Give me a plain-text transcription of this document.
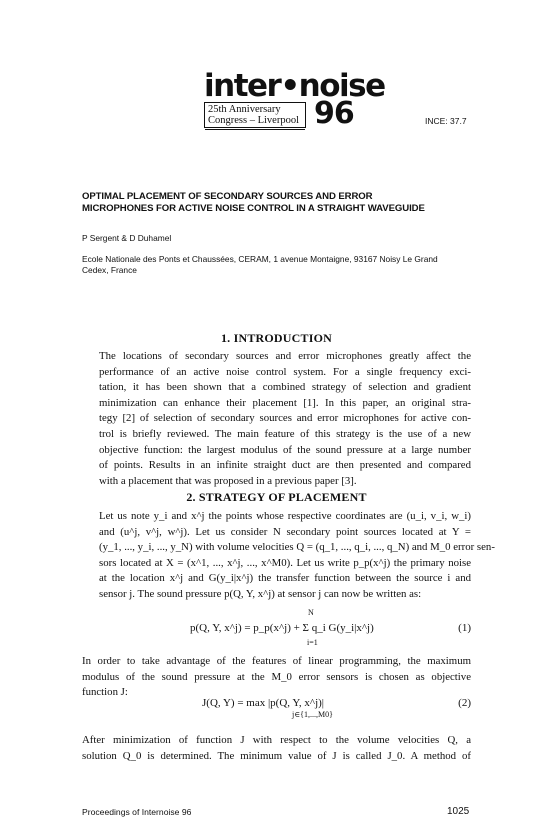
inter•noise
25th Anniversary
Congress – Liverpool 96	INCE: 37.7
OPTIMAL PLACEMENT OF SECONDARY SOURCES AND ERROR
MICROPHONES FOR ACTIVE NOISE CONTROL IN A STRAIGHT WAVEGUIDE
P Sergent & D Duhamel
Ecole Nationale des Ponts et Chaussées, CERAM, 1 avenue Montaigne, 93167 Noisy Le Grand
Cedex, France
1. INTRODUCTION
The locations of secondary sources and error microphones greatly affect the
performance of an active noise control system. For a single frequency exci-
tation, it has been shown that a combined strategy of selection and gradient
minimization can enhance their placement [1]. In this paper, an original stra-
tegy [2] of selection of secondary sources and error microphones for active con-
trol is briefly reviewed. The main feature of this strategy is the use of a new
objective function: the largest modulus of the sound pressure at a large number
of points. Results in an infinite straight duct are then presented and compared
with a placement that was proposed in a previous paper [3].
2. STRATEGY OF PLACEMENT
Let us note y_i and x^j the points whose respective coordinates are (u_i, v_i, w_i)
and (u^j, v^j, w^j). Let us consider N secondary point sources located at Y =
(y_1, ..., y_i, ..., y_N) with volume velocities Q = (q_1, ..., q_i, ..., q_N) and M_0 error sen-
sors located at X = (x^1, ..., x^j, ..., x^M0). Let us write p_p(x^j) the primary noise
at the location x^j and G(y_i|x^j) the transfer function between the source i and
sensor j. The sound pressure p(Q, Y, x^j) at sensor j can now be written as:
N
p(Q, Y, x^j) = p_p(x^j) + Σ q_i G(y_i|x^j)
i=1
(1)
In order to take advantage of the features of linear programming, the maximum
modulus of the sound pressure at the M_0 error sensors is chosen as objective
function J:
J(Q, Y) = max |p(Q, Y, x^j)|
j∈{1,...,M0}
(2)
After minimization of function J with respect to the volume velocities Q, a
solution Q_0 is determined. The minimum value of J is called J_0. A method of
Proceedings of Internoise 96	1025
